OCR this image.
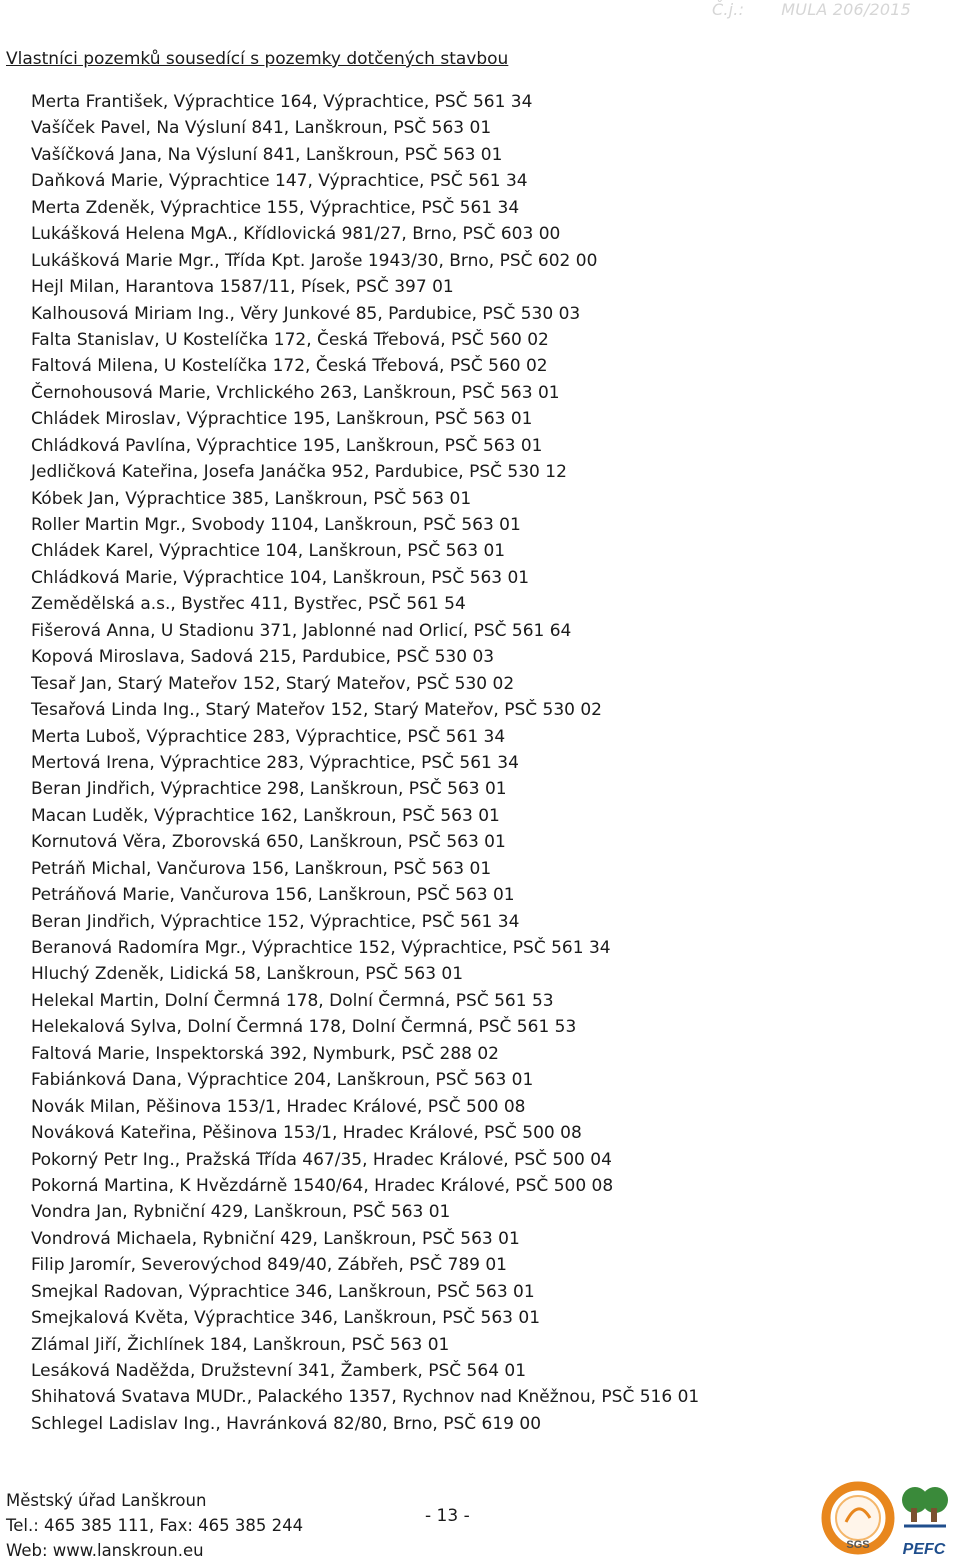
Č.j.: MULA 206/2015
Vlastníci pozemků sousedící s pozemky dotčených stavbou
Merta František, Výprachtice 164, Výprachtice, PSČ 561 34
Vašíček Pavel, Na Výsluní 841, Lanškroun, PSČ 563 01
Vašíčková Jana, Na Výsluní 841, Lanškroun, PSČ 563 01
Daňková Marie, Výprachtice 147, Výprachtice, PSČ 561 34
Merta Zdeněk, Výprachtice 155, Výprachtice, PSČ 561 34
Lukášková Helena MgA., Křídlovická 981/27, Brno, PSČ 603 00
Lukášková Marie Mgr., Třída Kpt. Jaroše 1943/30, Brno, PSČ 602 00
Hejl Milan, Harantova 1587/11, Písek, PSČ 397 01
Kalhousová Miriam Ing., Věry Junkové 85, Pardubice, PSČ 530 03
Falta Stanislav, U Kostelíčka 172, Česká Třebová, PSČ 560 02
Faltová Milena, U Kostelíčka 172, Česká Třebová, PSČ 560 02
Černohousová Marie, Vrchlického 263, Lanškroun, PSČ 563 01
Chládek Miroslav, Výprachtice 195, Lanškroun, PSČ 563 01
Chládková Pavlína, Výprachtice 195, Lanškroun, PSČ 563 01
Jedličková Kateřina, Josefa Janáčka 952, Pardubice, PSČ 530 12
Kóbek Jan, Výprachtice 385, Lanškroun, PSČ 563 01
Roller Martin Mgr., Svobody 1104, Lanškroun, PSČ 563 01
Chládek Karel, Výprachtice 104, Lanškroun, PSČ 563 01
Chládková Marie, Výprachtice 104, Lanškroun, PSČ 563 01
Zemědělská a.s., Bystřec 411, Bystřec, PSČ 561 54
Fišerová Anna, U Stadionu 371, Jablonné nad Orlicí, PSČ 561 64
Kopová Miroslava, Sadová 215, Pardubice, PSČ 530 03
Tesař Jan, Starý Mateřov 152, Starý Mateřov, PSČ 530 02
Tesařová Linda Ing., Starý Mateřov 152, Starý Mateřov, PSČ 530 02
Merta Luboš, Výprachtice 283, Výprachtice, PSČ 561 34
Mertová Irena, Výprachtice 283, Výprachtice, PSČ 561 34
Beran Jindřich, Výprachtice 298, Lanškroun, PSČ 563 01
Macan Luděk, Výprachtice 162, Lanškroun, PSČ 563 01
Kornutová Věra, Zborovská 650, Lanškroun, PSČ 563 01
Petráň Michal, Vančurova 156, Lanškroun, PSČ 563 01
Petráňová Marie, Vančurova 156, Lanškroun, PSČ 563 01
Beran Jindřich, Výprachtice 152, Výprachtice, PSČ 561 34
Beranová Radomíra Mgr., Výprachtice 152, Výprachtice, PSČ 561 34
Hluchý Zdeněk, Lidická 58, Lanškroun, PSČ 563 01
Helekal Martin, Dolní Čermná 178, Dolní Čermná, PSČ 561 53
Helekalová Sylva, Dolní Čermná 178, Dolní Čermná, PSČ 561 53
Faltová Marie, Inspektorská 392, Nymburk, PSČ 288 02
Fabiánková Dana, Výprachtice 204, Lanškroun, PSČ 563 01
Novák Milan, Pěšinova 153/1, Hradec Králové, PSČ 500 08
Nováková Kateřina, Pěšinova 153/1, Hradec Králové, PSČ 500 08
Pokorný Petr Ing., Pražská Třída 467/35, Hradec Králové, PSČ 500 04
Pokorná Martina, K Hvězdárně 1540/64, Hradec Králové, PSČ 500 08
Vondra Jan, Rybniční 429, Lanškroun, PSČ 563 01
Vondrová Michaela, Rybniční 429, Lanškroun, PSČ 563 01
Filip Jaromír, Severovýchod 849/40, Zábřeh, PSČ 789 01
Smejkal Radovan, Výprachtice 346, Lanškroun, PSČ 563 01
Smejkalová Květa, Výprachtice 346, Lanškroun, PSČ 563 01
Zlámal Jiří, Žichlínek 184, Lanškroun, PSČ 563 01
Lesáková Naděžda, Družstevní 341, Žamberk, PSČ 564 01
Shihatová Svatava MUDr., Palackého 1357, Rychnov nad Kněžnou, PSČ 516 01
Schlegel Ladislav Ing., Havránková 82/80, Brno, PSČ 619 00
Městský úřad Lanškroun
Tel.: 465 385 111, Fax: 465 385 244
Web: www.lanskroun.eu
- 13 -
SGS PEFC
